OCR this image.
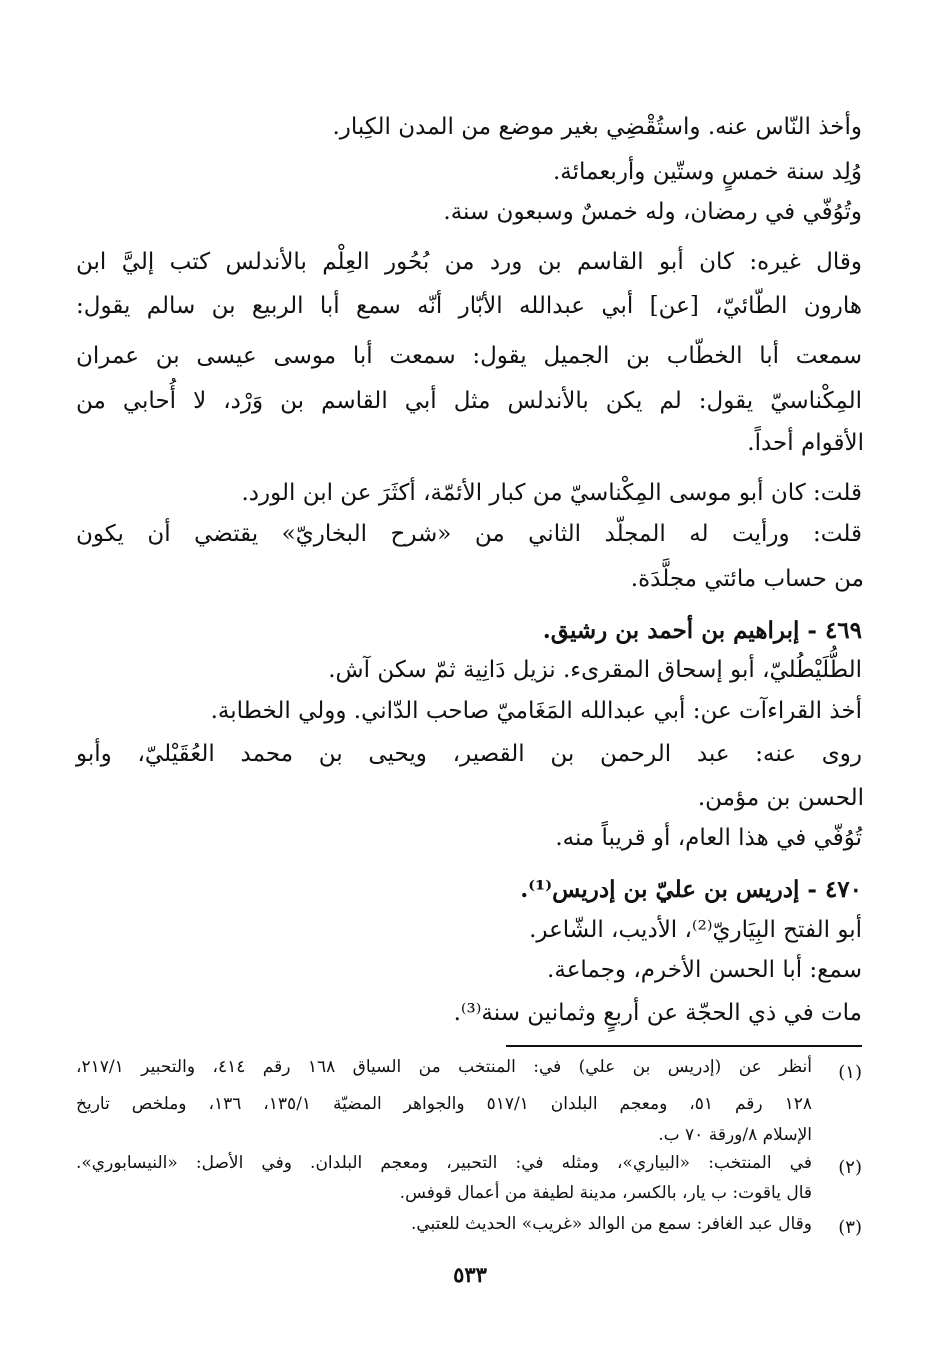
وأخذ النّاس عنه. واستُقْضِي بغير موضع من المدن الكِبار.
وُلِد سنة خمسٍ وستّين وأربعمائة.
وتُوُفّي في رمضان، وله خمسٌ وسبعون سنة.
وقال غيره: كان أبو القاسم بن ورد من بُحُور العِلْم بالأندلس كتب إليَّ ابن
هارون الطّائيّ، [عن] أبي عبدالله الأبّار أنّه سمع أبا الربيع بن سالم يقول:
سمعت أبا الخطّاب بن الجميل يقول: سمعت أبا موسى عيسى بن عمران
المِكْناسيّ يقول: لم يكن بالأندلس مثل أبي القاسم بن وَرْد، لا أُحابي من
الأقوام أحداً.
قلت: كان أبو موسى المِكْناسيّ من كبار الأئمّة، أكثَرَ عن ابن الورد.
قلت: ورأيت له المجلّد الثاني من «شرح البخاريّ» يقتضي أن يكون
من حساب مائتي مجلَّدَة.
٤٦٩ - إبراهيم بن أحمد بن رشيق.
الطُّلَيْطُليّ، أبو إسحاق المقرىء. نزيل دَانِية ثمّ سكن آش.
أخذ القراءآت عن: أبي عبدالله المَغَاميّ صاحب الدّاني. وولي الخطابة.
روى عنه: عبد الرحمن بن القصير، ويحيى بن محمد العُقَيْليّ، وأبو
الحسن بن مؤمن.
تُوُفّي في هذا العام، أو قريباً منه.
٤٧٠ - إدريس بن عليّ بن إدريس⁽¹⁾.
أبو الفتح البِيَاريّ⁽²⁾، الأديب، الشّاعر.
سمع: أبا الحسن الأخرم، وجماعة.
مات في ذي الحجّة عن أربعٍ وثمانين سنة⁽³⁾.
(١)
أنظر عن (إدريس بن علي) في: المنتخب من السياق ١٦٨ رقم ٤١٤، والتحبير ٢١٧/١،
١٢٨ رقم ٥١، ومعجم البلدان ٥١٧/١ والجواهر المضيّة ١٣٥/١، ١٣٦، وملخص تاريخ
الإسلام ٨/ورقة ٧٠ ب.
(٢)
في المنتخب: «البياري»، ومثله في: التحبير، ومعجم البلدان. وفي الأصل: «النيسابوري».
قال ياقوت: ب يار، بالكسر، مدينة لطيفة من أعمال قوفس.
(٣)
وقال عبد الغافر: سمع من الوالد «غريب» الحديث للعتبي.
٥٣٣
